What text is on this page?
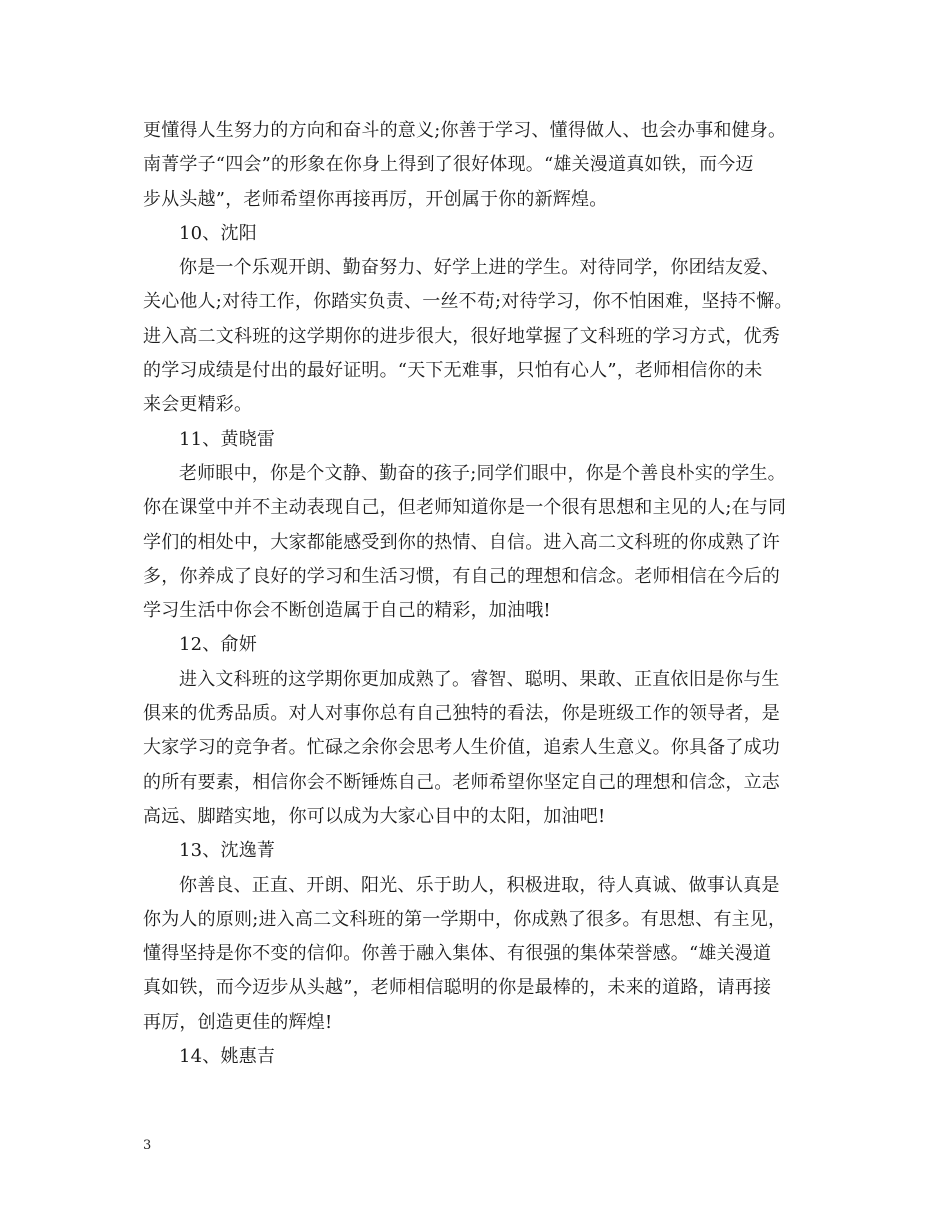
更懂得人生努力的方向和奋斗的意义;你善于学习、懂得做人、也会办事和健身。
南菁学子“四会”的形象在你身上得到了很好体现。“雄关漫道真如铁，而今迈
步从头越”，老师希望你再接再厉，开创属于你的新辉煌。
10、沈阳
你是一个乐观开朗、勤奋努力、好学上进的学生。对待同学，你团结友爱、
关心他人;对待工作，你踏实负责、一丝不苟;对待学习，你不怕困难，坚持不懈。
进入高二文科班的这学期你的进步很大，很好地掌握了文科班的学习方式，优秀
的学习成绩是付出的最好证明。“天下无难事，只怕有心人”，老师相信你的未
来会更精彩。
11、黄晓雷
老师眼中，你是个文静、勤奋的孩子;同学们眼中，你是个善良朴实的学生。
你在课堂中并不主动表现自己，但老师知道你是一个很有思想和主见的人;在与同
学们的相处中，大家都能感受到你的热情、自信。进入高二文科班的你成熟了许
多，你养成了良好的学习和生活习惯，有自己的理想和信念。老师相信在今后的
学习生活中你会不断创造属于自己的精彩，加油哦!
12、俞妍
进入文科班的这学期你更加成熟了。睿智、聪明、果敢、正直依旧是你与生
俱来的优秀品质。对人对事你总有自己独特的看法，你是班级工作的领导者，是
大家学习的竞争者。忙碌之余你会思考人生价值，追索人生意义。你具备了成功
的所有要素，相信你会不断锤炼自己。老师希望你坚定自己的理想和信念，立志
高远、脚踏实地，你可以成为大家心目中的太阳，加油吧!
13、沈逸菁
你善良、正直、开朗、阳光、乐于助人，积极进取，待人真诚、做事认真是
你为人的原则;进入高二文科班的第一学期中，你成熟了很多。有思想、有主见，
懂得坚持是你不变的信仰。你善于融入集体、有很强的集体荣誉感。“雄关漫道
真如铁，而今迈步从头越”，老师相信聪明的你是最棒的，未来的道路，请再接
再厉，创造更佳的辉煌!
14、姚惠吉
3
